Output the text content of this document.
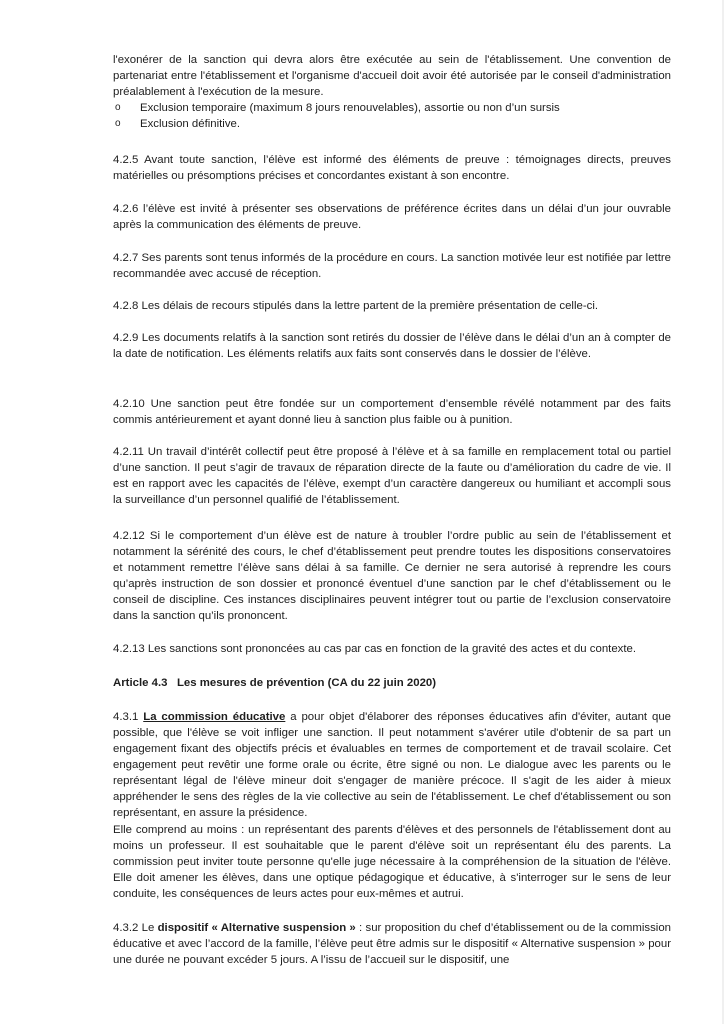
l'exonérer de la sanction qui devra alors être exécutée au sein de l'établissement. Une convention de partenariat entre l'établissement et l'organisme d'accueil doit avoir été autorisée par le conseil d'administration préalablement à l'exécution de la mesure.

o Exclusion temporaire (maximum 8 jours renouvelables), assortie ou non d’un sursis
o Exclusion définitive.

4.2.5 Avant toute sanction, l’élève est informé des éléments de preuve : témoignages directs, preuves matérielles ou présomptions précises et concordantes existant à son encontre.

4.2.6 l’élève est invité à présenter ses observations de préférence écrites dans un délai d’un jour ouvrable après la communication des éléments de preuve.

4.2.7 Ses parents sont tenus informés de la procédure en cours. La sanction motivée leur est notifiée par lettre recommandée avec accusé de réception.

4.2.8 Les délais de recours stipulés dans la lettre partent de la première présentation de celle-ci.

4.2.9 Les documents relatifs à la sanction sont retirés du dossier de l’élève dans le délai d’un an à compter de la date de notification. Les éléments relatifs aux faits sont conservés dans le dossier de l’élève.

4.2.10 Une sanction peut être fondée sur un comportement d’ensemble révélé notamment par des faits commis antérieurement et ayant donné lieu à sanction plus faible ou à punition.

4.2.11 Un travail d’intérêt collectif peut être proposé à l’élève et à sa famille en remplacement total ou partiel d’une sanction. Il peut s’agir de travaux de réparation directe de la faute ou d’amélioration du cadre de vie. Il est en rapport avec les capacités de l’élève, exempt d’un caractère dangereux ou humiliant et accompli sous la surveillance d’un personnel qualifié de l’établissement.

4.2.12 Si le comportement d’un élève est de nature à troubler l’ordre public au sein de l’établissement et notamment la sérénité des cours, le chef d’établissement peut prendre toutes les dispositions conservatoires et notamment remettre l’élève sans délai à sa famille. Ce dernier ne sera autorisé à reprendre les cours qu’après instruction de son dossier et prononcé éventuel d’une sanction par le chef d’établissement ou le conseil de discipline. Ces instances disciplinaires peuvent intégrer tout ou partie de l’exclusion conservatoire dans la sanction qu’ils prononcent.

4.2.13 Les sanctions sont prononcées au cas par cas en fonction de la gravité des actes et du contexte.

Article 4.3   Les mesures de prévention (CA du 22 juin 2020)

4.3.1 La commission éducative a pour objet d'élaborer des réponses éducatives afin d'éviter, autant que possible, que l'élève se voit infliger une sanction. Il peut notamment s'avérer utile d'obtenir de sa part un engagement fixant des objectifs précis et évaluables en termes de comportement et de travail scolaire. Cet engagement peut revêtir une forme orale ou écrite, être signé ou non. Le dialogue avec les parents ou le représentant légal de l'élève mineur doit s'engager de manière précoce. Il s'agit de les aider à mieux appréhender le sens des règles de la vie collective au sein de l'établissement. Le chef d'établissement ou son représentant, en assure la présidence.

Elle comprend au moins : un représentant des parents d'élèves et des personnels de l'établissement dont au moins un professeur. Il est souhaitable que le parent d'élève soit un représentant élu des parents. La commission peut inviter toute personne qu'elle juge nécessaire à la compréhension de la situation de l'élève. Elle doit amener les élèves, dans une optique pédagogique et éducative, à s'interroger sur le sens de leur conduite, les conséquences de leurs actes pour eux-mêmes et autrui.

4.3.2 Le dispositif « Alternative suspension » : sur proposition du chef d’établissement ou de la commission éducative et avec l’accord de la famille, l’élève peut être admis sur le dispositif « Alternative suspension » pour une durée ne pouvant excéder 5 jours. A l’issu de l’accueil sur le dispositif, une
